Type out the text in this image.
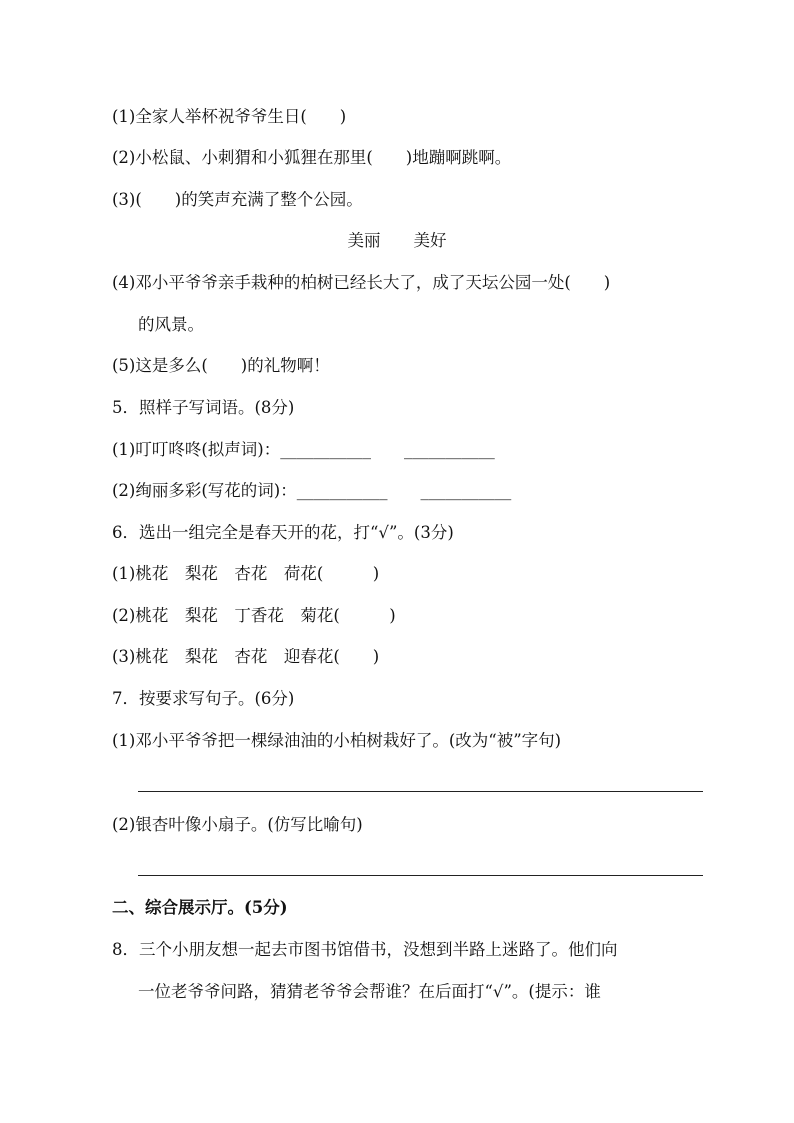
(1)全家人举杯祝爷爷生日(　　)
(2)小松鼠、小刺猬和小狐狸在那里(　　)地蹦啊跳啊。
(3)(　　)的笑声充满了整个公园。
美丽　　美好
(4)邓小平爷爷亲手栽种的柏树已经长大了，成了天坛公园一处(　　)
的风景。
(5)这是多么(　　)的礼物啊！
5．照样子写词语。(8分)
(1)叮叮咚咚(拟声词)：___________　　___________
(2)绚丽多彩(写花的词)：___________　　___________
6．选出一组完全是春天开的花，打“√”。(3分)
(1)桃花　梨花　杏花　荷花(　　　)
(2)桃花　梨花　丁香花　菊花(　　　)
(3)桃花　梨花　杏花　迎春花(　　)
7．按要求写句子。(6分)
(1)邓小平爷爷把一棵绿油油的小柏树栽好了。(改为“被”字句)
(2)银杏叶像小扇子。(仿写比喻句)
二、综合展示厅。(5分)
8．三个小朋友想一起去市图书馆借书，没想到半路上迷路了。他们向
一位老爷爷问路，猜猜老爷爷会帮谁？在后面打“√”。(提示：谁
